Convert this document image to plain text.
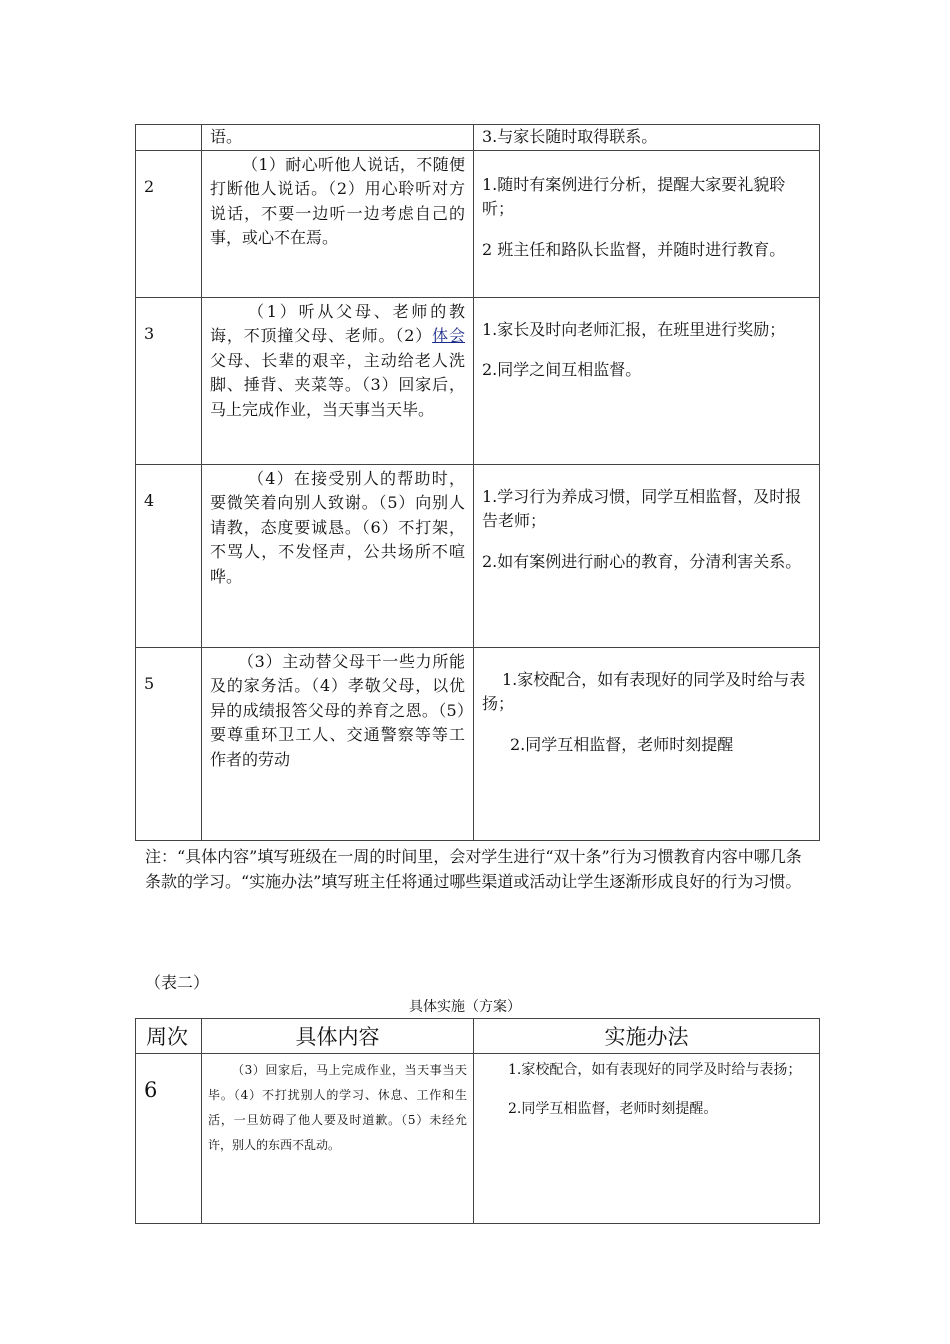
	语。	3.与家长随时取得联系。

2	（1）耐心听他人说话，不随便打断他人说话。（2）用心聆听对方说话，不要一边听一边考虑自己的事，或心不在焉。	1.随时有案例进行分析，提醒大家要礼貌聆听；

2 班主任和路队长监督，并随时进行教育。

3	（1）听从父母、老师的教诲，不顶撞父母、老师。（2）体会父母、长辈的艰辛，主动给老人洗脚、捶背、夹菜等。（3）回家后，马上完成作业，当天事当天毕。	1.家长及时向老师汇报，在班里进行奖励；

2.同学之间互相监督。

4	（4）在接受别人的帮助时，要微笑着向别人致谢。（5）向别人请教，态度要诚恳。（6）不打架，不骂人，不发怪声，公共场所不喧哗。	1.学习行为养成习惯，同学互相监督，及时报告老师；

2.如有案例进行耐心的教育，分清利害关系。

5	（3）主动替父母干一些力所能及的家务活。（4）孝敬父母，以优异的成绩报答父母的养育之恩。（5）要尊重环卫工人、交通警察等等工作者的劳动	1.家校配合，如有表现好的同学及时给与表扬；

2.同学互相监督，老师时刻提醒

注：“具体内容”填写班级在一周的时间里，会对学生进行“双十条”行为习惯教育内容中哪几条条款的学习。“实施办法”填写班主任将通过哪些渠道或活动让学生逐渐形成良好的行为习惯。
（表二）
具体实施（方案）
周次	具体内容	实施办法
6	（3）回家后，马上完成作业，当天事当天毕。（4）不打扰别人的学习、休息、工作和生活，一旦妨碍了他人要及时道歉。（5）未经允许，别人的东西不乱动。	1.家校配合，如有表现好的同学及时给与表扬；

2.同学互相监督，老师时刻提醒。
